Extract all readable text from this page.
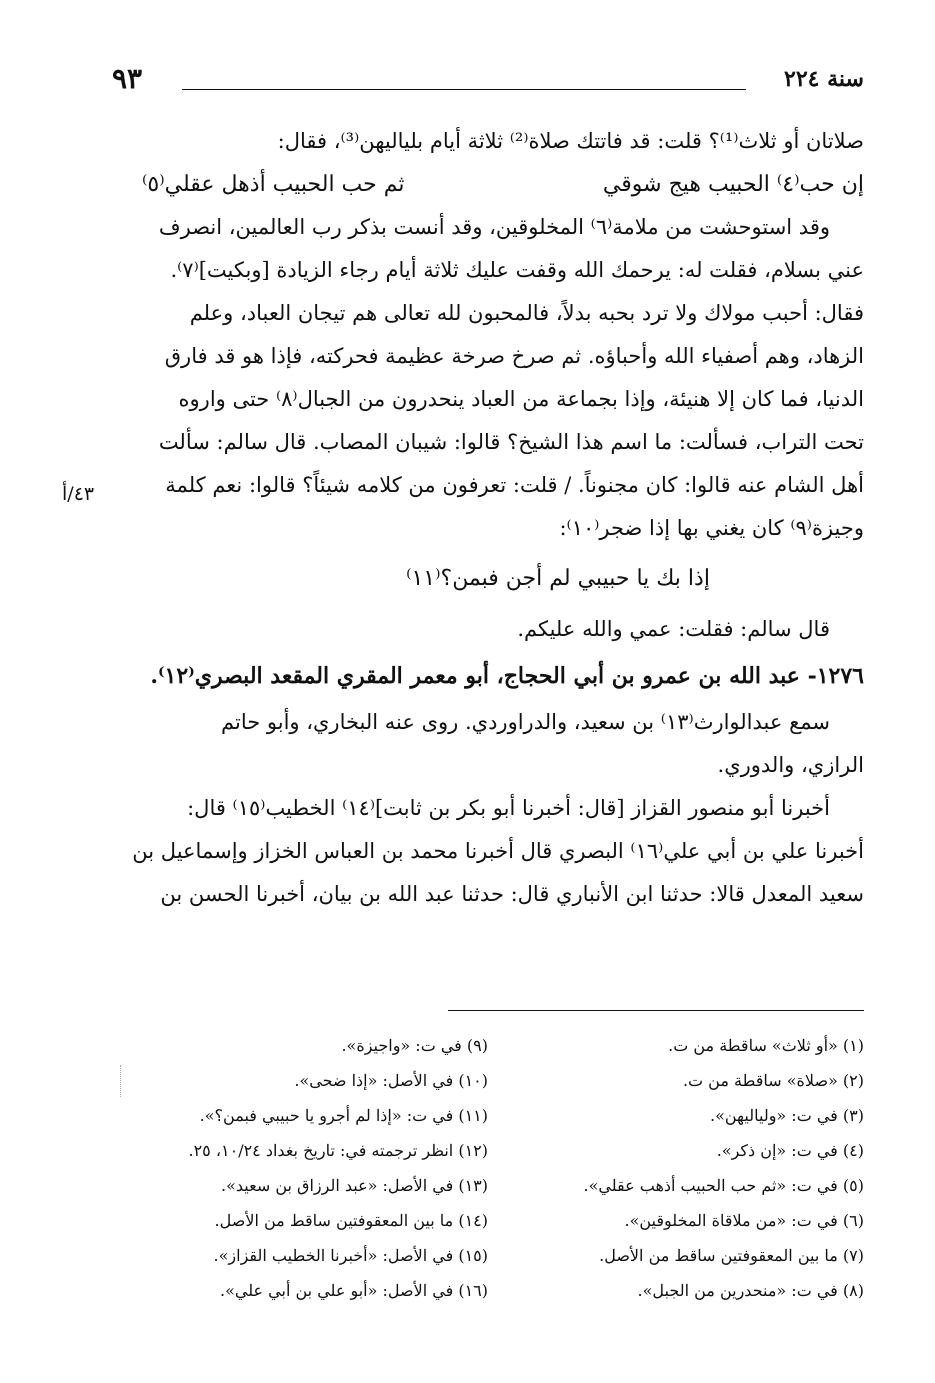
سنة ٢٢٤
٩٣
٤٣/أ
صلاتان أو ثلاث⁽¹⁾؟ قلت: قد فاتتك صلاة⁽²⁾ ثلاثة أيام بلياليهن⁽³⁾، فقال:
إن حب⁽٤⁾ الحبيب هيج شوقي
ثم حب الحبيب أذهل عقلي⁽٥⁾
وقد استوحشت من ملامة⁽٦⁾ المخلوقين، وقد أنست بذكر رب العالمين، انصرف
عني بسلام، فقلت له: يرحمك الله وقفت عليك ثلاثة أيام رجاء الزيادة [وبكيت]⁽٧⁾.
فقال: أحبب مولاك ولا ترد بحبه بدلاً، فالمحبون لله تعالى هم تيجان العباد، وعلم
الزهاد، وهم أصفياء الله وأحباؤه. ثم صرخ صرخة عظيمة فحركته، فإذا هو قد فارق
الدنيا، فما كان إلا هنيئة، وإذا بجماعة من العباد ينحدرون من الجبال⁽٨⁾ حتى واروه
تحت التراب، فسألت: ما اسم هذا الشيخ؟ قالوا: شيبان المصاب. قال سالم: سألت
أهل الشام عنه قالوا: كان مجنوناً. / قلت: تعرفون من كلامه شيئاً؟ قالوا: نعم كلمة
وجيزة⁽٩⁾ كان يغني بها إذا ضجر⁽١٠⁾:
إذا بك يا حبيبي لم أجن فبمن؟⁽١١⁾
قال سالم: فقلت: عمي والله عليكم.
١٢٧٦- عبد الله بن عمرو بن أبي الحجاج، أبو معمر المقري المقعد البصري⁽١٢⁾.
سمع عبدالوارث⁽١٣⁾ بن سعيد، والدراوردي. روى عنه البخاري، وأبو حاتم
الرازي، والدوري.
أخبرنا أبو منصور القزاز [قال: أخبرنا أبو بكر بن ثابت]⁽١٤⁾ الخطيب⁽١٥⁾ قال:
أخبرنا علي بن أبي علي⁽١٦⁾ البصري قال أخبرنا محمد بن العباس الخزاز وإسماعيل بن
سعيد المعدل قالا: حدثنا ابن الأنباري قال: حدثنا عبد الله بن بيان، أخبرنا الحسن بن
(١) «أو ثلاث» ساقطة من ت.
(٢) «صلاة» ساقطة من ت.
(٣) في ت: «ولياليهن».
(٤) في ت: «إن ذكر».
(٥) في ت: «ثم حب الحبيب أذهب عقلي».
(٦) في ت: «من ملاقاة المخلوقين».
(٧) ما بين المعقوفتين ساقط من الأصل.
(٨) في ت: «منحدرين من الجبل».
(٩) في ت: «واجيزة».
(١٠) في الأصل: «إذا ضحى».
(١١) في ت: «إذا لم أجرو يا حبيبي فبمن؟».
(١٢) انظر ترجمته في: تاريخ بغداد ١٠/٢٤، ٢٥.
(١٣) في الأصل: «عبد الرزاق بن سعيد».
(١٤) ما بين المعقوفتين ساقط من الأصل.
(١٥) في الأصل: «أخبرنا الخطيب القزاز».
(١٦) في الأصل: «أبو علي بن أبي علي».
